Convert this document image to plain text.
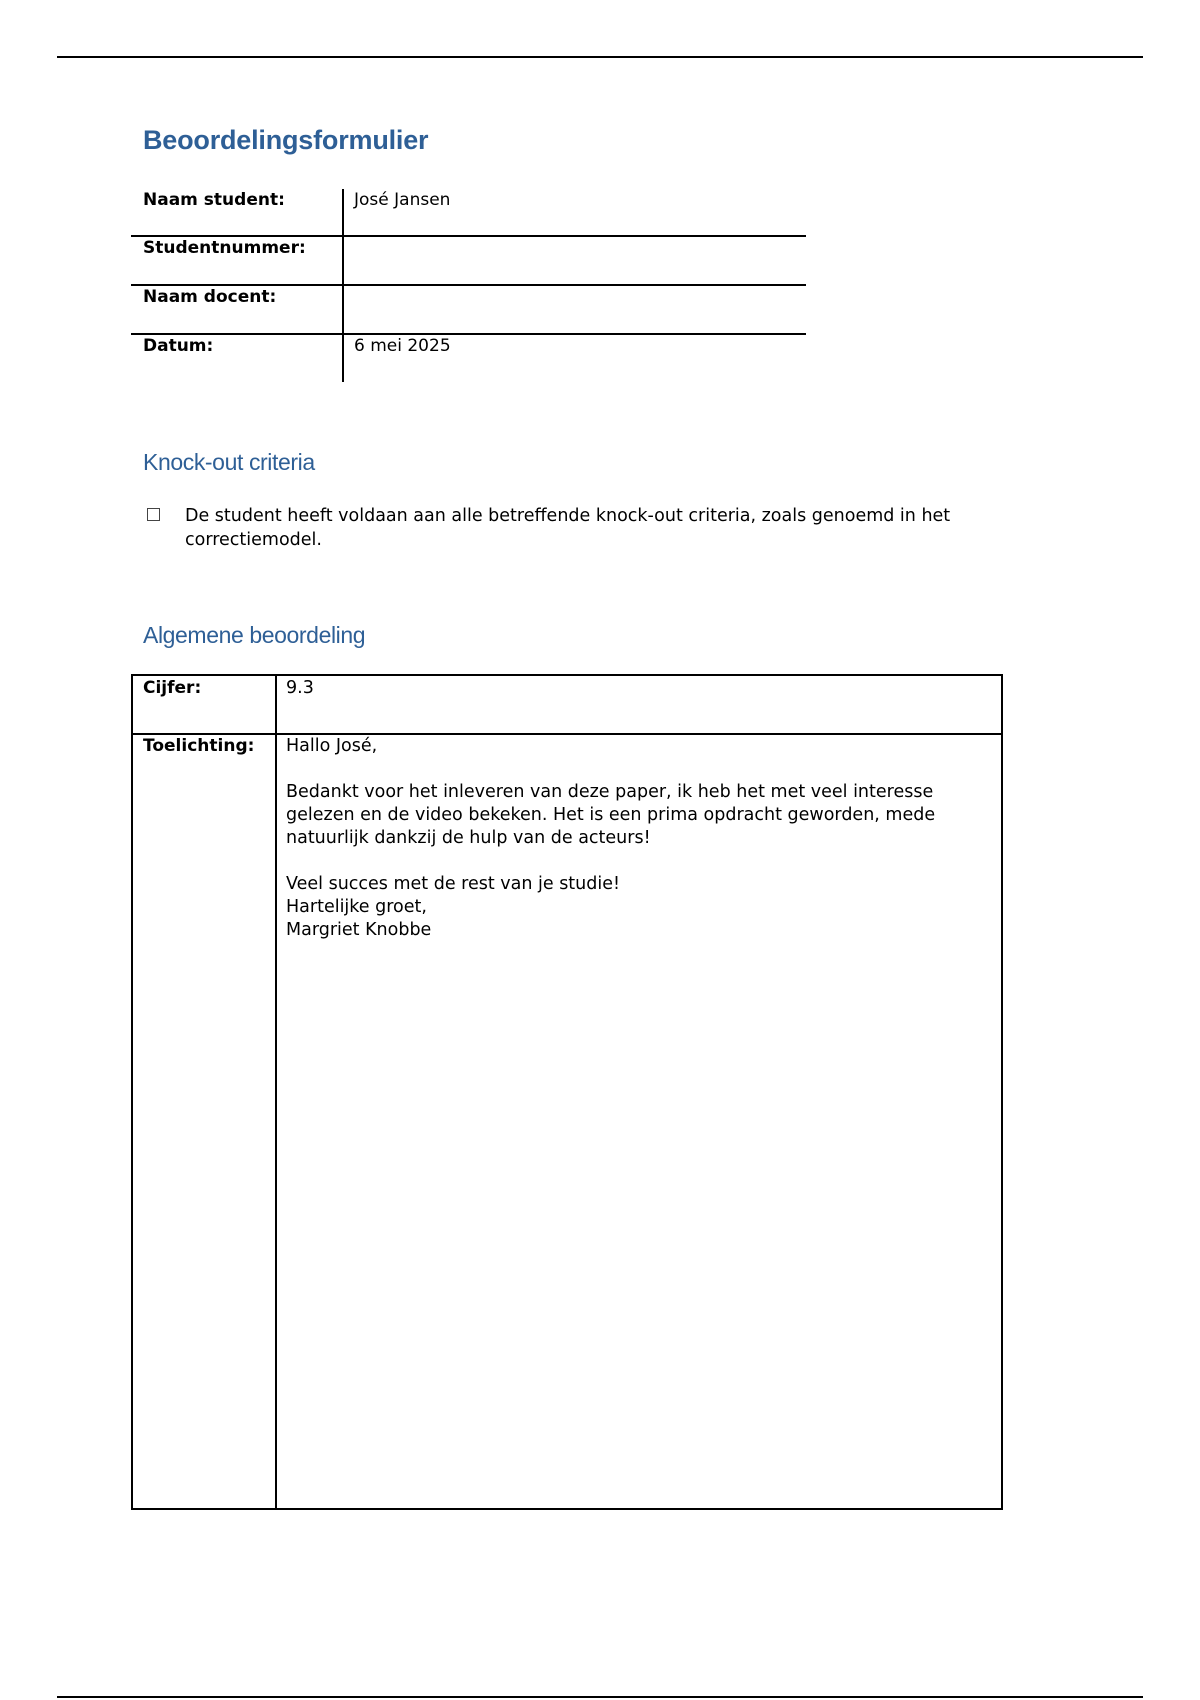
Beoordelingsformulier
Naam student:	José Jansen
Studentnummer:
Naam docent:
Datum:	6 mei 2025
Knock-out criteria
De student heeft voldaan aan alle betreffende knock-out criteria, zoals genoemd in het
correctiemodel.
Algemene beoordeling
Cijfer:	9.3
Toelichting: Hallo José,
Bedankt voor het inleveren van deze paper, ik heb het met veel interesse
gelezen en de video bekeken. Het is een prima opdracht geworden, mede
natuurlijk dankzij de hulp van de acteurs!
Veel succes met de rest van je studie!
Hartelijke groet,
Margriet Knobbe
